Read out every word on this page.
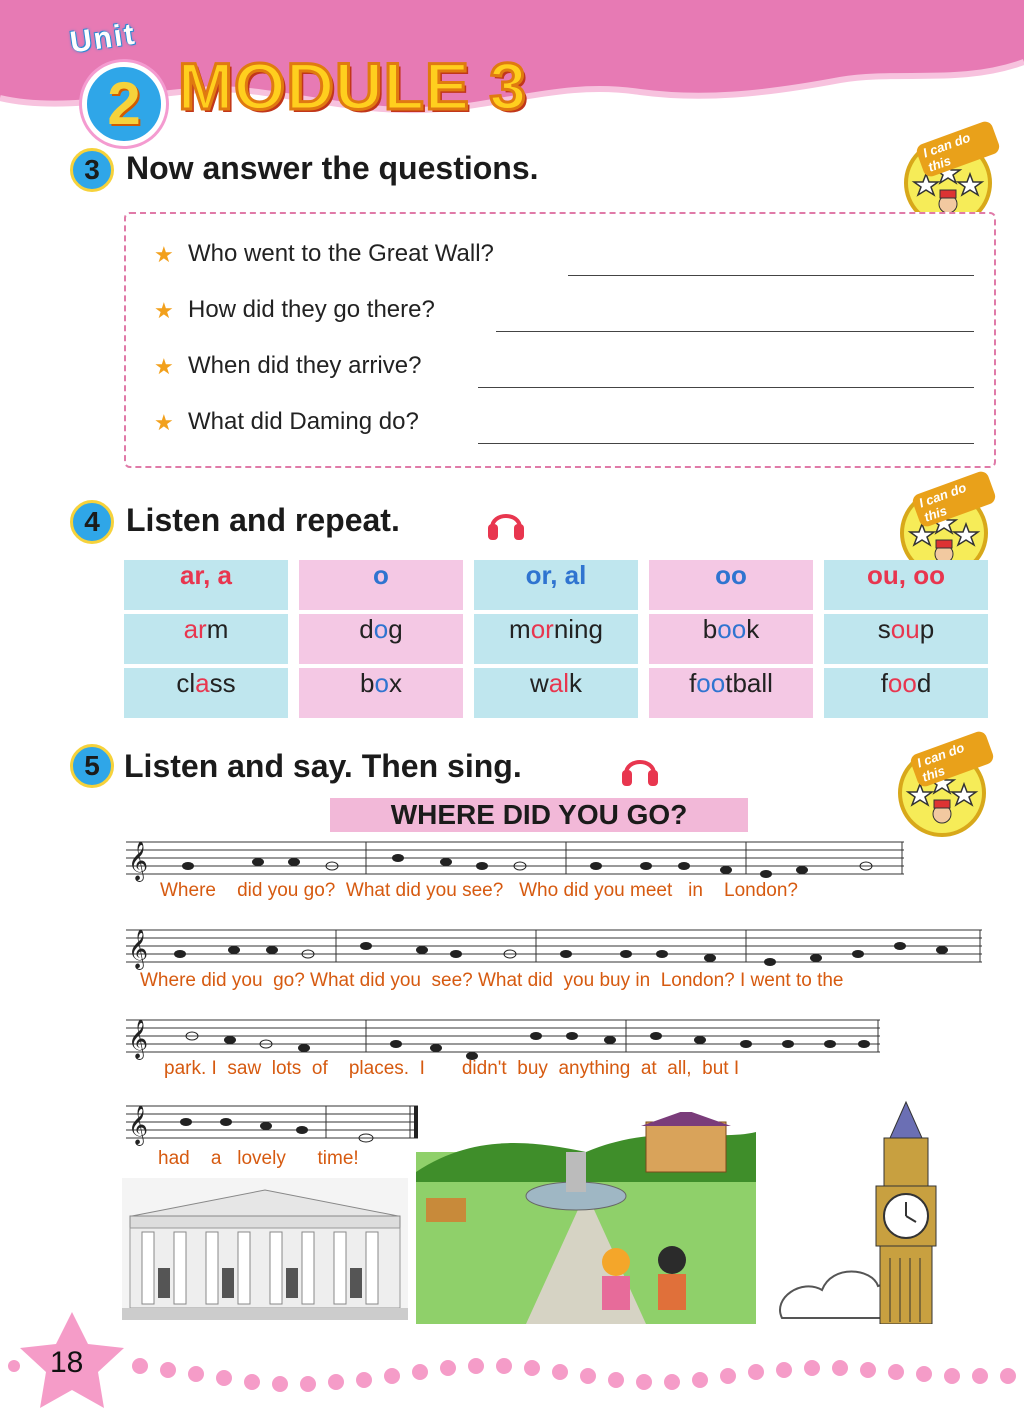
Unit
2 MODULE 3
3 Now answer the questions.
I can do this
★ Who went to the Great Wall?
★ How did they go there?
★ When did they arrive?
★ What did Daming do?
4 Listen and repeat.
I can do this
ar, a
arm
class
o
dog
box
or, al
morning
walk
oo
book
football
ou, oo
soup
food
5 Listen and say. Then sing.	I can do this
WHERE DID YOU GO?
𝄞
Where did you go? What did you see? Who did you meet in London?
𝄞
Where did you go? What did you see? What did you buy in London? I went to the
𝄞
park. I saw lots of places. I didn't buy anything at all, but I
𝄞
had a lovely time!
18
